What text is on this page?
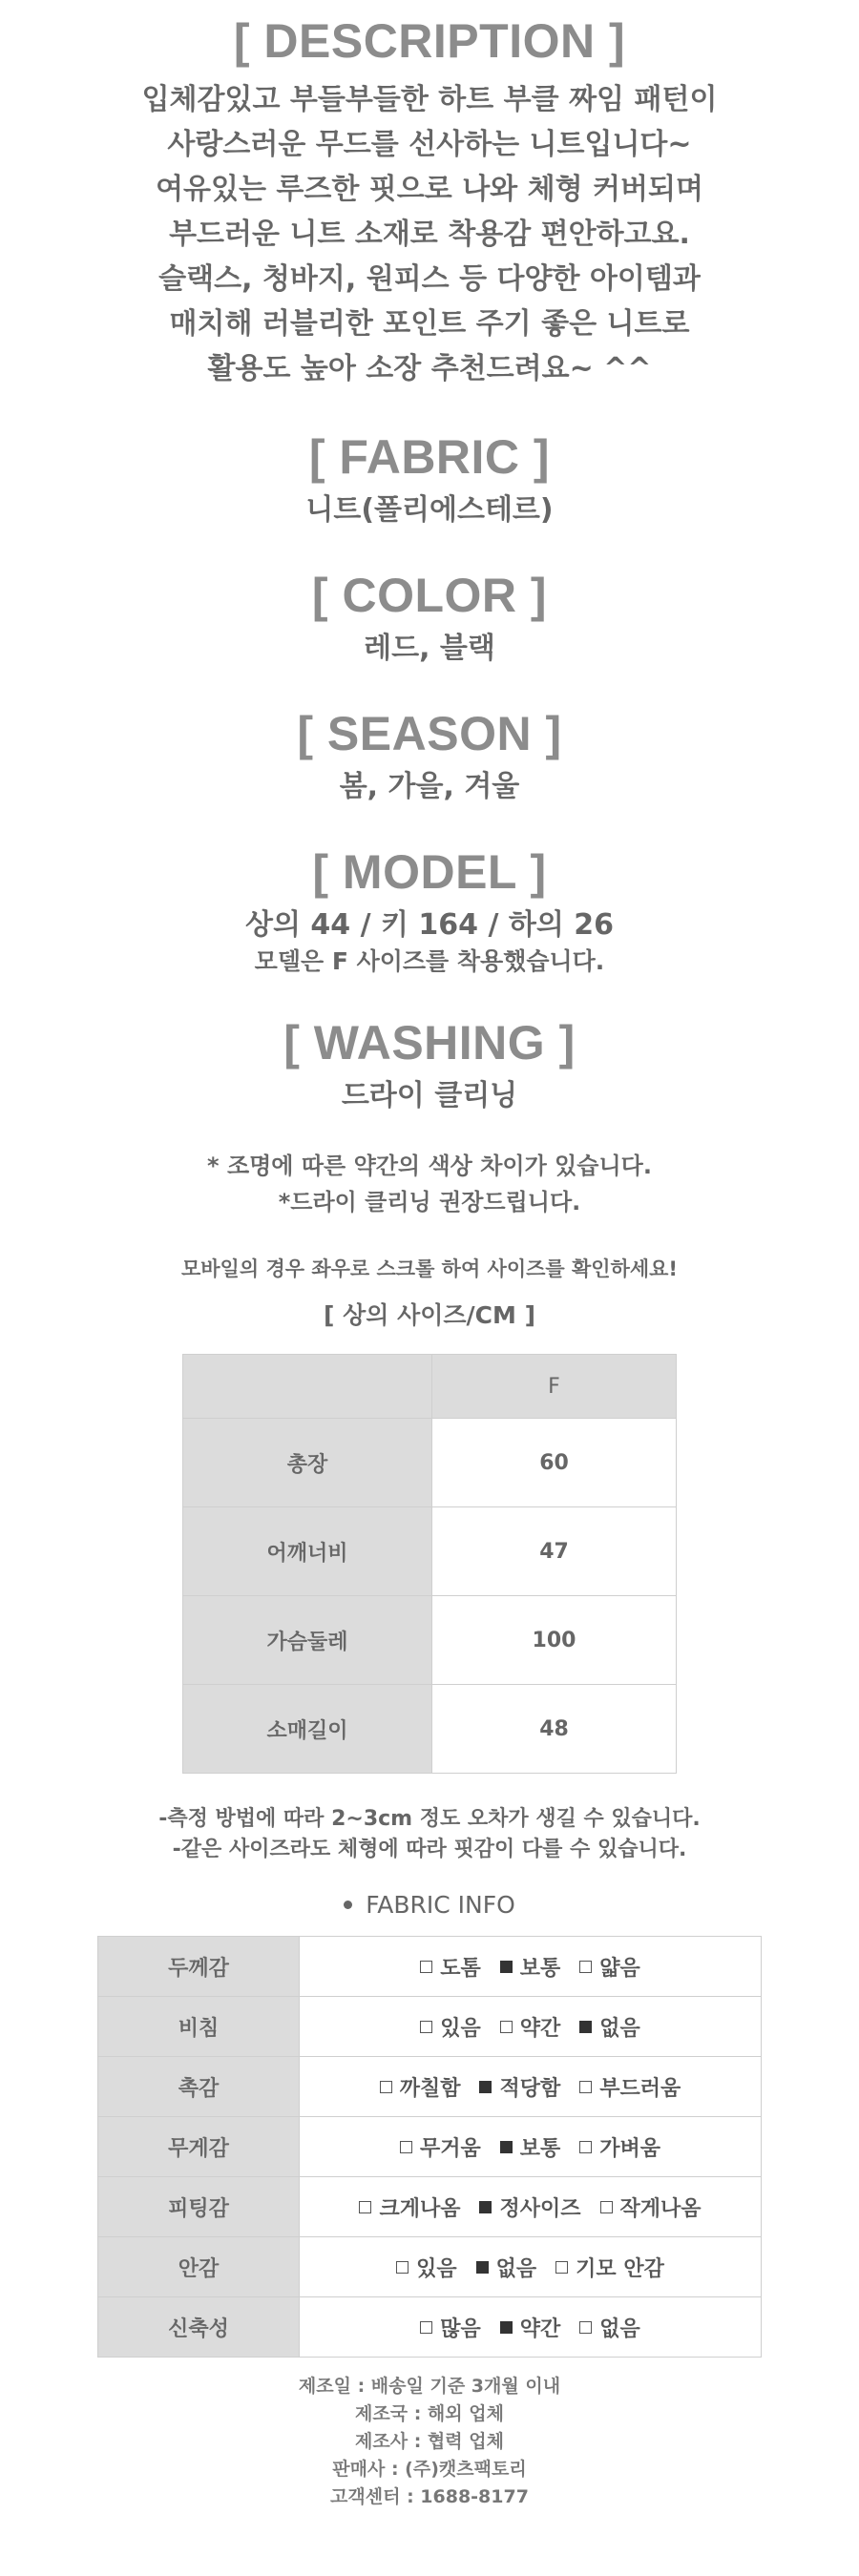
[ DESCRIPTION ]
입체감있고 부들부들한 하트 부클 짜임 패턴이
사랑스러운 무드를 선사하는 니트입니다~
여유있는 루즈한 핏으로 나와 체형 커버되며
부드러운 니트 소재로 착용감 편안하고요.
슬랙스, 청바지, 원피스 등 다양한 아이템과
매치해 러블리한 포인트 주기 좋은 니트로
활용도 높아 소장 추천드려요~ ^^
[ FABRIC ]
니트(폴리에스테르)
[ COLOR ]
레드, 블랙
[ SEASON ]
봄, 가을, 겨울
[ MODEL ]
상의 44 / 키 164 / 하의 26
모델은 F 사이즈를 착용했습니다.
[ WASHING ]
드라이 클리닝
* 조명에 따른 약간의 색상 차이가 있습니다.
*드라이 클리닝 권장드립니다.
모바일의 경우 좌우로 스크롤 하여 사이즈를 확인하세요!
[ 상의 사이즈/CM ]
	F
총장	60
어깨너비	47
가슴둘레	100
소매길이	48
-측정 방법에 따라 2~3cm 정도 오차가 생길 수 있습니다.
-같은 사이즈라도 체형에 따라 핏감이 다를 수 있습니다.
FABRIC INFO
두께감	도톰 보통 얇음
비침	있음 약간 없음
촉감	까칠함 적당함 부드러움
무게감	무거움 보통 가벼움
피팅감	크게나옴 정사이즈 작게나옴
안감	있음 없음 기모 안감
신축성	많음 약간 없음
제조일 : 배송일 기준 3개월 이내
제조국 : 해외 업체
제조사 : 협력 업체
판매사 : (주)캣츠팩토리
고객센터 : 1688-8177
